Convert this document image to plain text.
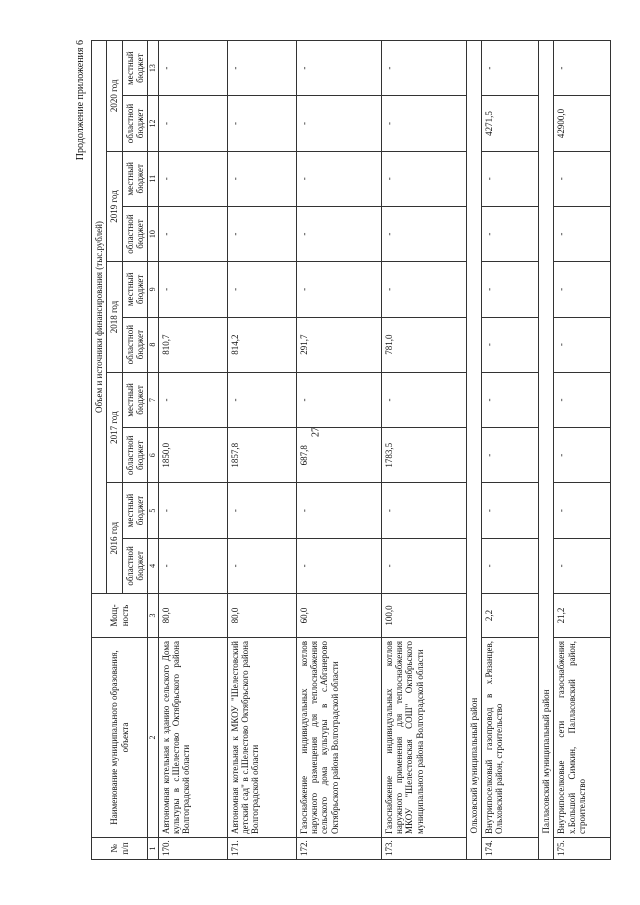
27
Продолжение приложения 6
№ п/п	Наименование муниципального образования, объекта	Мощ-ность	Объем и источники финансирования (тыс.рублей)									
			2016 год		2017 год		2018 год		2019 год		2020 год	
			областной бюджет	местный бюджет	областной бюджет	местный бюджет	областной бюджет	местный бюджет	областной бюджет	местный бюджет	областной бюджет	местный бюджет
1	2	3	4	5	6	7	8	9	10	11	12	13
170.	Автономная котельная к зданию сельского Дома культуры в с.Шелестово Октябрьского района Волгоградской области	80,0	-	-	1850,0	-	810,7	-	-	-	-	-
171.	Автономная котельная к МКОУ "Шелестовский детский сад" в с.Шелестово Октябрьского района Волгоградской области	80,0	-	-	1857,8	-	814,2	-	-	-	-	-
172.	Газоснабжение индивидуальных котлов наружного размещения для теплоснабжения сельского дома культуры в с.Абганерово Октябрьского района Волгоградской области	60,0	-	-	687,8	-	291,7	-	-	-	-	-
173.	Газоснабжение индивидуальных котлов наружного применения для теплоснабжения МКОУ "Шелестовская СОШ" Октябрьского муниципального района Волгоградской области	100,0	-	-	1783,5	-	781,0	-	-	-	-	-
	Ольховский муниципальный район											
174.	Внутрипоселковый газопровод в х.Рязанцев, Ольховский район, строительство	2,2	-	-	-	-	-	-	-	-	4271,5	-
	Палласовский муниципальный район											
175.	Внутрипоселковые сети газоснабжения х.Большой Симкин, Палласовский район, строительство	21,2	-	-	-	-	-	-	-	-	42900,0	-
